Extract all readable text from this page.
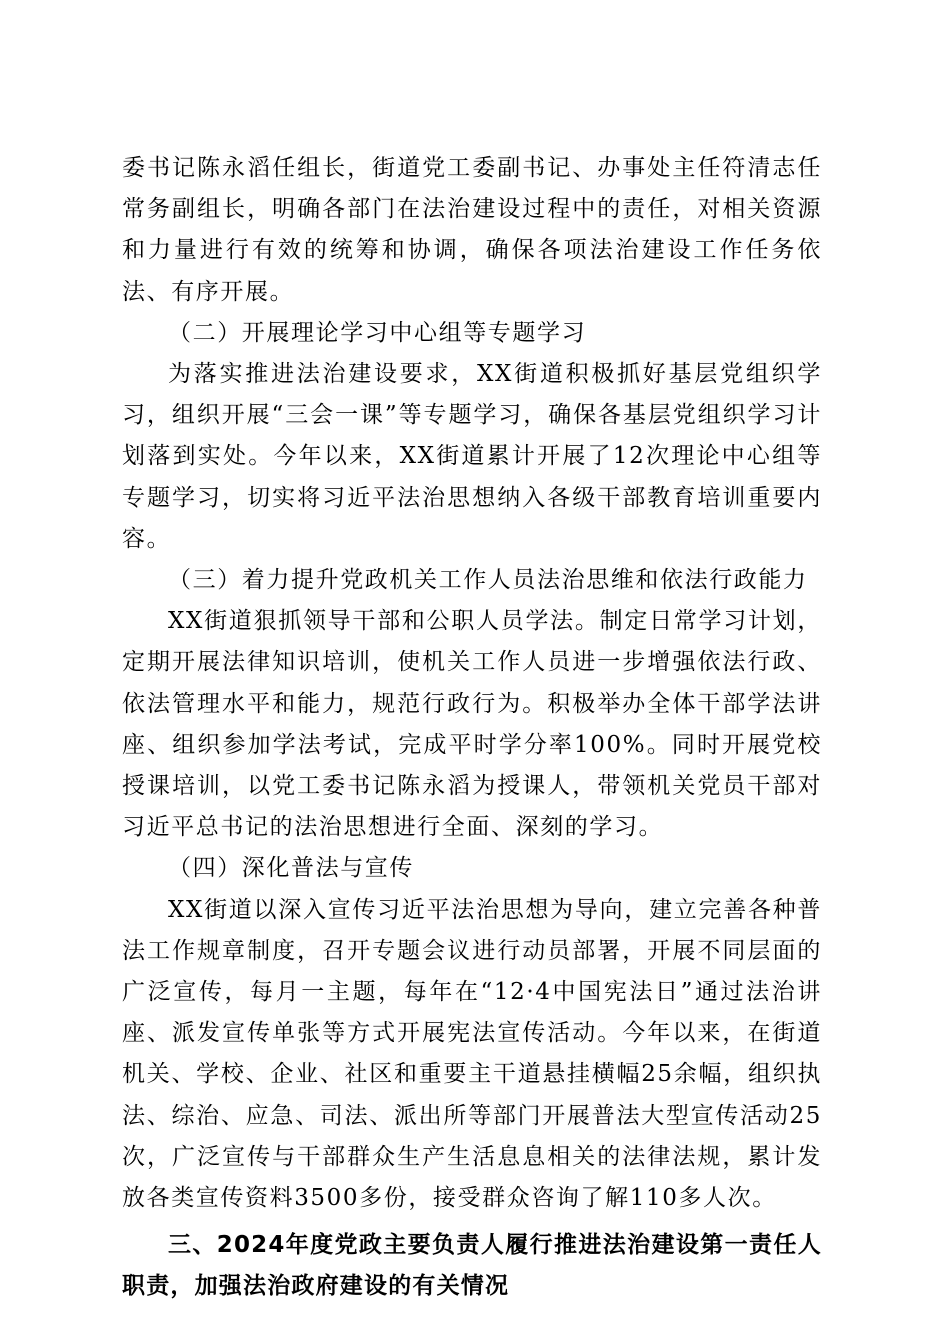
委书记陈永滔任组长，街道党工委副书记、办事处主任符清志任常务副组长，明确各部门在法治建设过程中的责任，对相关资源和力量进行有效的统筹和协调，确保各项法治建设工作任务依法、有序开展。

（二）开展理论学习中心组等专题学习

为落实推进法治建设要求，XX街道积极抓好基层党组织学习，组织开展“三会一课”等专题学习，确保各基层党组织学习计划落到实处。今年以来，XX街道累计开展了12次理论中心组等专题学习，切实将习近平法治思想纳入各级干部教育培训重要内容。

（三）着力提升党政机关工作人员法治思维和依法行政能力

XX街道狠抓领导干部和公职人员学法。制定日常学习计划，定期开展法律知识培训，使机关工作人员进一步增强依法行政、依法管理水平和能力，规范行政行为。积极举办全体干部学法讲座、组织参加学法考试，完成平时学分率100%。同时开展党校授课培训，以党工委书记陈永滔为授课人，带领机关党员干部对习近平总书记的法治思想进行全面、深刻的学习。

（四）深化普法与宣传

XX街道以深入宣传习近平法治思想为导向，建立完善各种普法工作规章制度，召开专题会议进行动员部署，开展不同层面的广泛宣传，每月一主题，每年在“12·4中国宪法日”通过法治讲座、派发宣传单张等方式开展宪法宣传活动。今年以来，在街道机关、学校、企业、社区和重要主干道悬挂横幅25余幅，组织执法、综治、应急、司法、派出所等部门开展普法大型宣传活动25次，广泛宣传与干部群众生产生活息息相关的法律法规，累计发放各类宣传资料3500多份，接受群众咨询了解110多人次。

三、2024年度党政主要负责人履行推进法治建设第一责任人职责，加强法治政府建设的有关情况
